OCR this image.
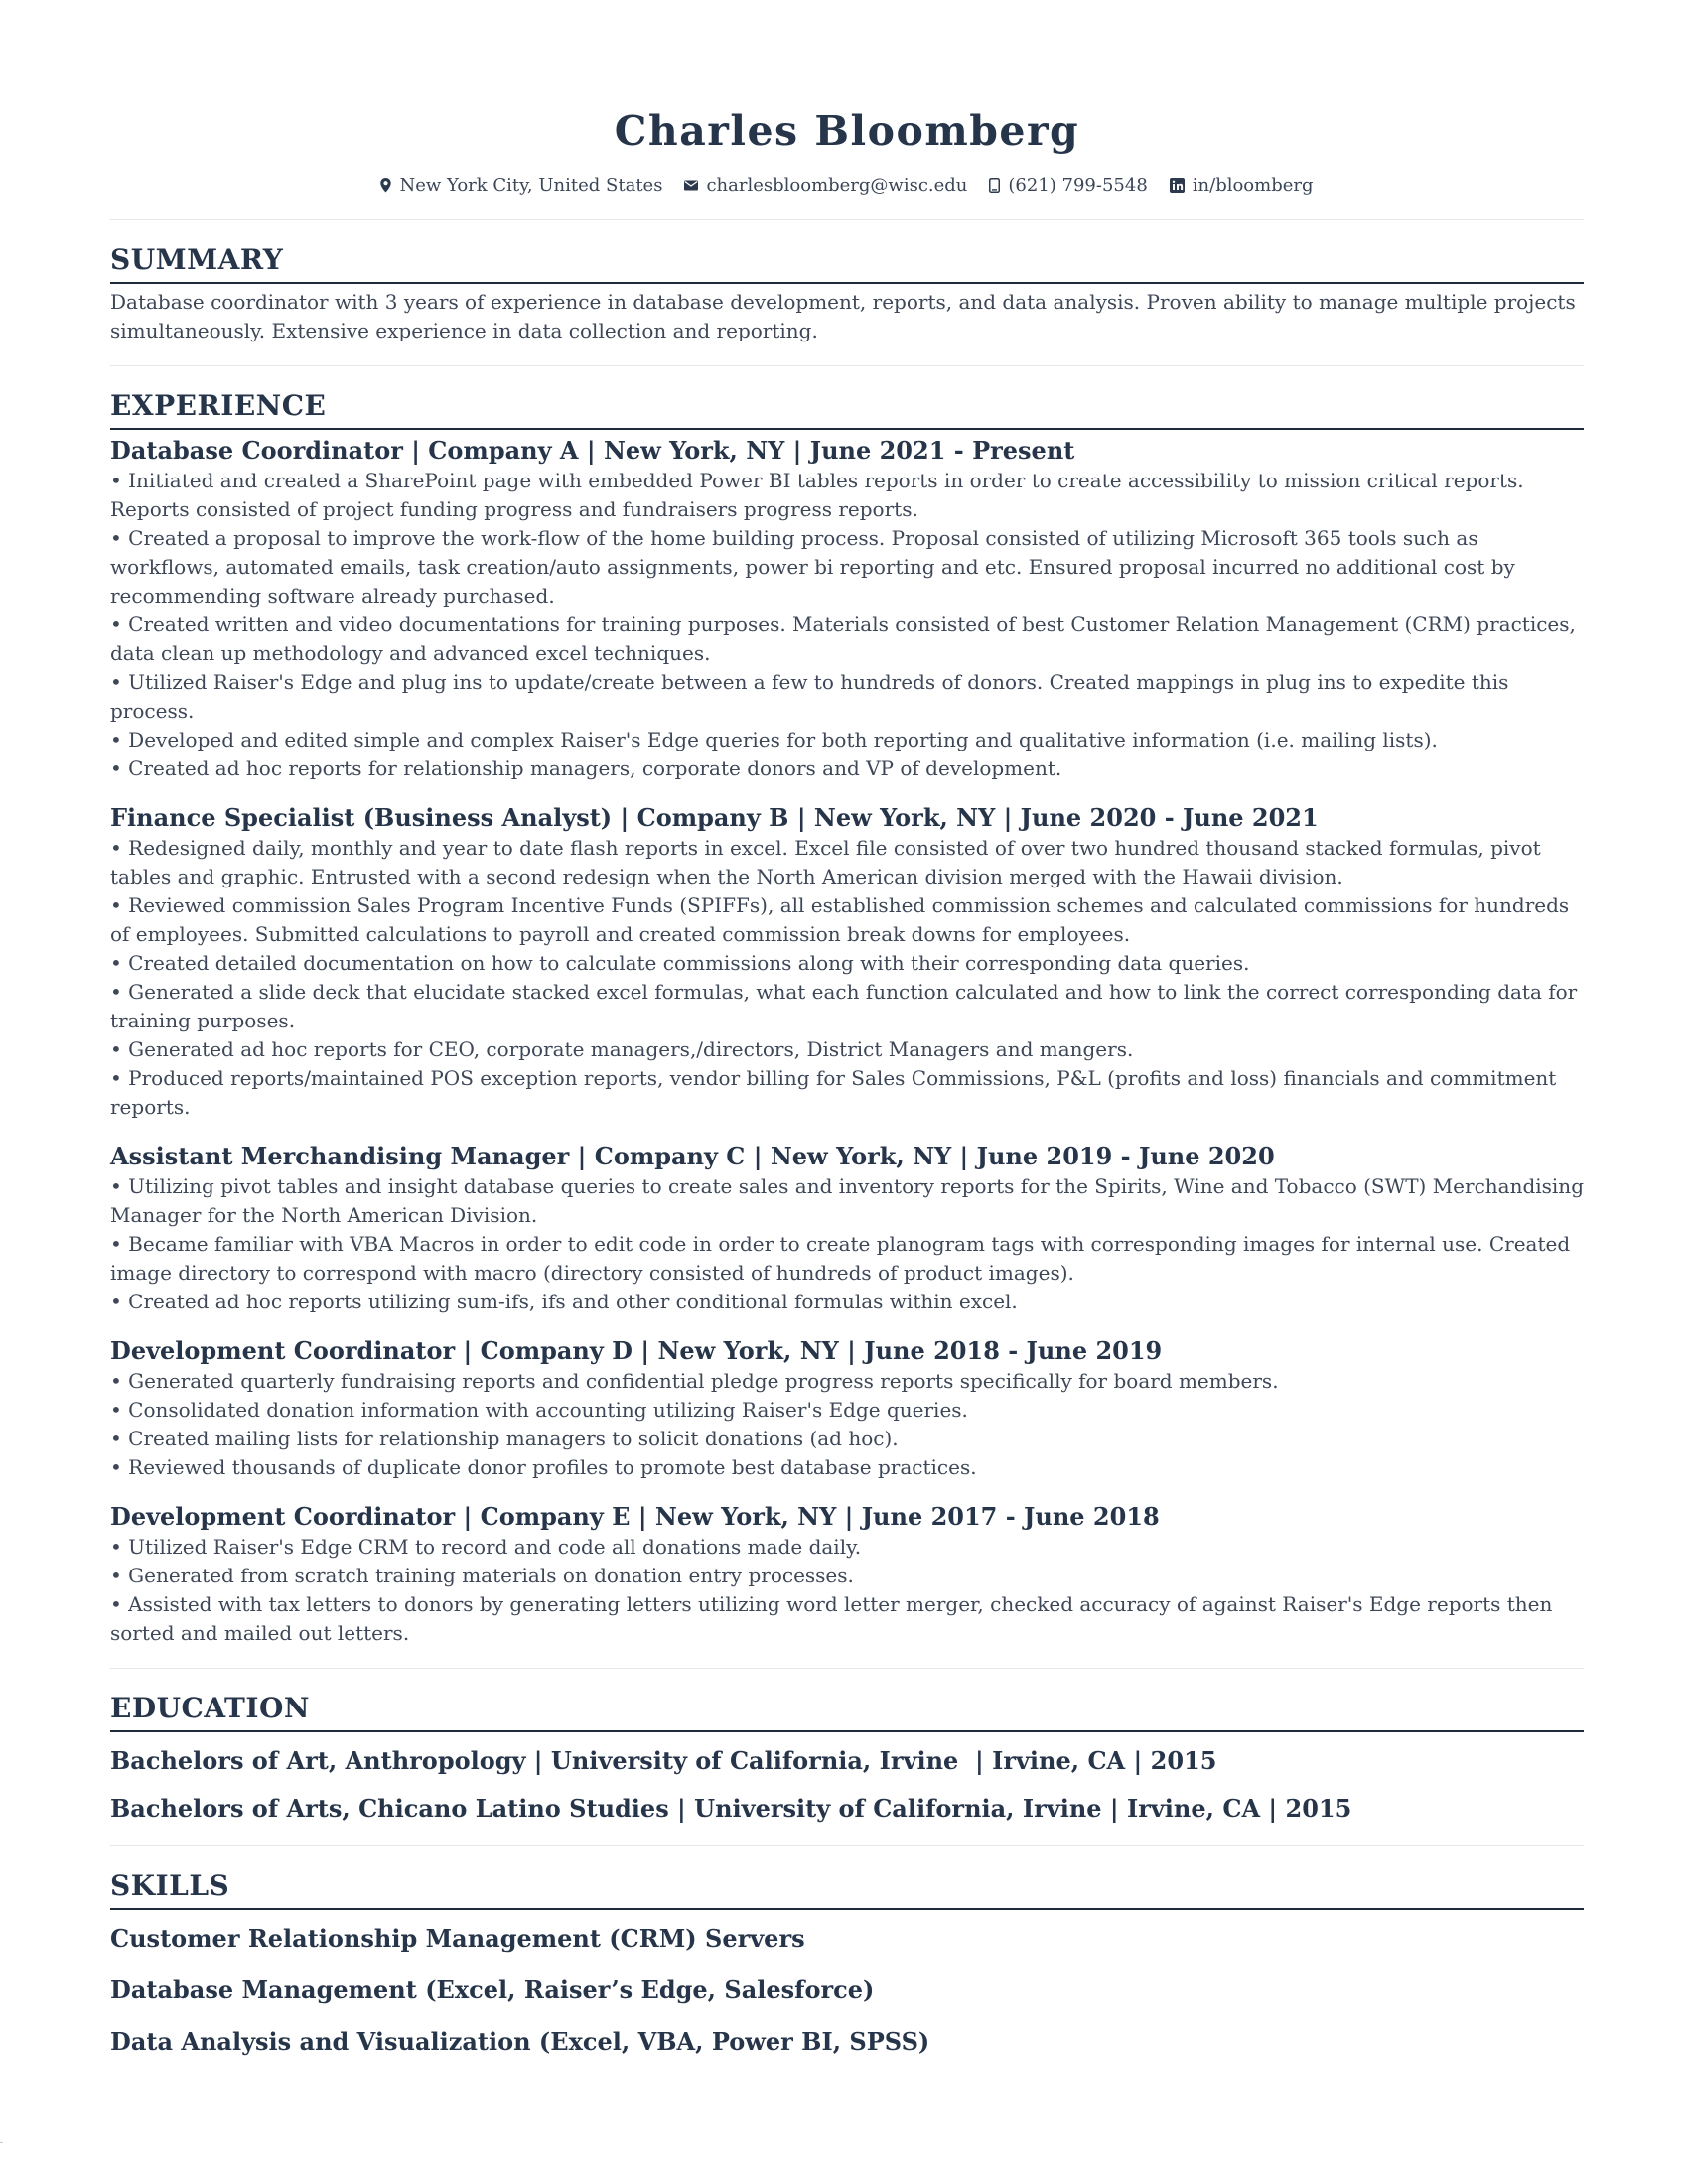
Charles Bloomberg
New York City, United States charlesbloomberg@wisc.edu (621) 799-5548	in/bloomberg
SUMMARY

Database coordinator with 3 years of experience in database development, reports, and data analysis. Proven ability to manage multiple projects simultaneously. Extensive experience in data collection and reporting.

EXPERIENCE
Database Coordinator | Company A | New York, NY | June 2021 - Present
• Initiated and created a SharePoint page with embedded Power BI tables reports in order to create accessibility to mission critical reports. Reports consisted of project funding progress and fundraisers progress reports.
• Created a proposal to improve the work-flow of the home building process. Proposal consisted of utilizing Microsoft 365 tools such as workflows, automated emails, task creation/auto assignments, power bi reporting and etc. Ensured proposal incurred no additional cost by recommending software already purchased.
• Created written and video documentations for training purposes. Materials consisted of best Customer Relation Management (CRM) practices, data clean up methodology and advanced excel techniques.
• Utilized Raiser's Edge and plug ins to update/create between a few to hundreds of donors. Created mappings in plug ins to expedite this process.
• Developed and edited simple and complex Raiser's Edge queries for both reporting and qualitative information (i.e. mailing lists).
• Created ad hoc reports for relationship managers, corporate donors and VP of development.
Finance Specialist (Business Analyst) | Company B | New York, NY | June 2020 - June 2021
• Redesigned daily, monthly and year to date flash reports in excel. Excel file consisted of over two hundred thousand stacked formulas, pivot tables and graphic. Entrusted with a second redesign when the North American division merged with the Hawaii division.
• Reviewed commission Sales Program Incentive Funds (SPIFFs), all established commission schemes and calculated commissions for hundreds of employees. Submitted calculations to payroll and created commission break downs for employees.
• Created detailed documentation on how to calculate commissions along with their corresponding data queries.
• Generated a slide deck that elucidate stacked excel formulas, what each function calculated and how to link the correct corresponding data for training purposes.
• Generated ad hoc reports for CEO, corporate managers,/directors, District Managers and mangers.
• Produced reports/maintained POS exception reports, vendor billing for Sales Commissions, P&L (profits and loss) financials and commitment reports.
Assistant Merchandising Manager | Company C | New York, NY | June 2019 - June 2020
• Utilizing pivot tables and insight database queries to create sales and inventory reports for the Spirits, Wine and Tobacco (SWT) Merchandising Manager for the North American Division.
• Became familiar with VBA Macros in order to edit code in order to create planogram tags with corresponding images for internal use. Created image directory to correspond with macro (directory consisted of hundreds of product images).
• Created ad hoc reports utilizing sum-ifs, ifs and other conditional formulas within excel.
Development Coordinator | Company D | New York, NY | June 2018 - June 2019
• Generated quarterly fundraising reports and confidential pledge progress reports specifically for board members.
• Consolidated donation information with accounting utilizing Raiser's Edge queries.
• Created mailing lists for relationship managers to solicit donations (ad hoc).
• Reviewed thousands of duplicate donor profiles to promote best database practices.
Development Coordinator | Company E | New York, NY | June 2017 - June 2018
• Utilized Raiser's Edge CRM to record and code all donations made daily.
• Generated from scratch training materials on donation entry processes.
• Assisted with tax letters to donors by generating letters utilizing word letter merger, checked accuracy of against Raiser's Edge reports then sorted and mailed out letters.
EDUCATION

Bachelors of Art, Anthropology | University of California, Irvine  | Irvine, CA | 2015

Bachelors of Arts, Chicano Latino Studies | University of California, Irvine | Irvine, CA | 2015

SKILLS

Customer Relationship Management (CRM) Servers

Database Management (Excel, Raiser’s Edge, Salesforce)

Data Analysis and Visualization (Excel, VBA, Power BI, SPSS)
